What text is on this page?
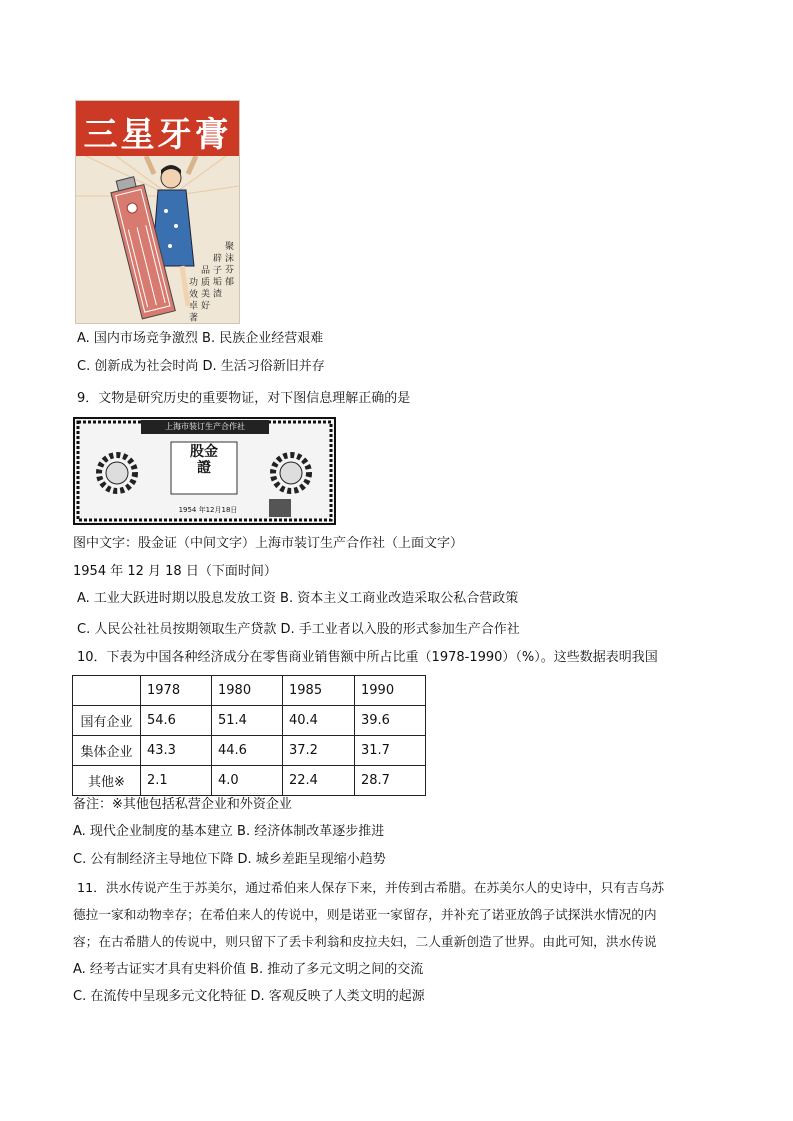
三星牙膏
聚 沫 芬 郁
辟 子 垢 渣
品 质 美 好
功 效 卓 著
A. 国内市场竞争激烈 B. 民族企业经营艰难
C. 创新成为社会时尚 D. 生活习俗新旧并存
9．文物是研究历史的重要物证，对下图信息理解正确的是
上海市装订生产合作社
股金證
1954 年12月18日
图中文字：股金证（中间文字）上海市装订生产合作社（上面文字）
1954 年 12 月 18 日（下面时间）
A. 工业大跃进时期以股息发放工资 B. 资本主义工商业改造采取公私合营政策
C. 人民公社社员按期领取生产贷款 D. 手工业者以入股的形式参加生产合作社
10．下表为中国各种经济成分在零售商业销售额中所占比重（1978-1990）（%）。这些数据表明我国
	1978	1980	1985	1990
国有企业	54.6	51.4	40.4	39.6
集体企业	43.3	44.6	37.2	31.7
其他※	2.1	4.0	22.4	28.7
备注：※其他包括私营企业和外资企业
A. 现代企业制度的基本建立 B. 经济体制改革逐步推进
C. 公有制经济主导地位下降 D. 城乡差距呈现缩小趋势
11．洪水传说产生于苏美尔，通过希伯来人保存下来，并传到古希腊。在苏美尔人的史诗中，只有吉乌苏
德拉一家和动物幸存；在希伯来人的传说中，则是诺亚一家留存，并补充了诺亚放鸽子试探洪水情况的内
容；在古希腊人的传说中，则只留下了丢卡利翁和皮拉夫妇，二人重新创造了世界。由此可知，洪水传说
A. 经考古证实才具有史料价值 B. 推动了多元文明之间的交流
C. 在流传中呈现多元文化特征 D. 客观反映了人类文明的起源
